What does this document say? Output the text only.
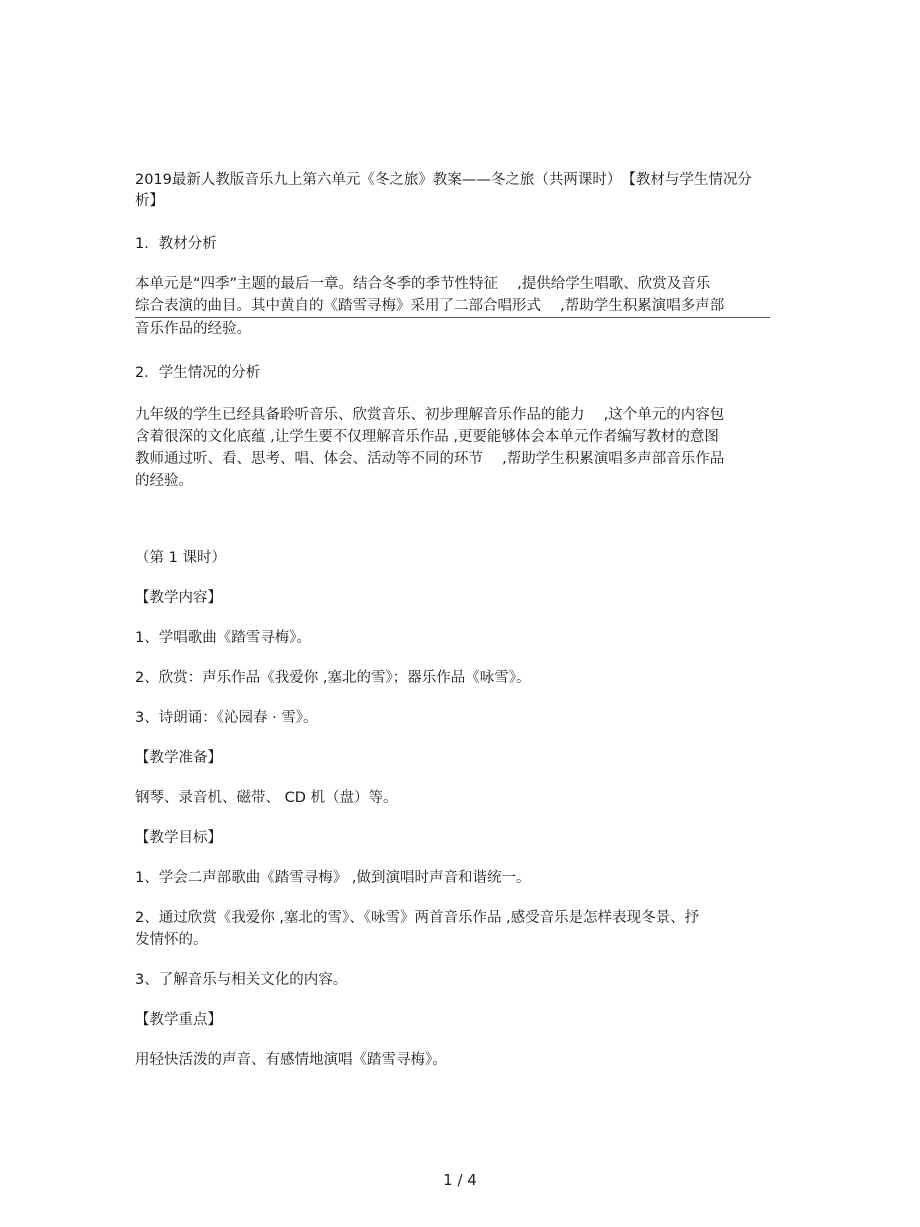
2019最新人教版音乐九上第六单元《冬之旅》教案——冬之旅（共两课时）　【教材与学生情况分析】

1．教材分析

本单元是“四季”主题的最后一章。结合冬季的季节性特征　 ,提供给学生唱歌、欣赏及音乐
综合表演的曲目。其中黄自的《踏雪寻梅》采用了二部合唱形式　 ,帮助学生积累演唱多声部
音乐作品的经验。

2．学生情况的分析

九年级的学生已经具备聆听音乐、欣赏音乐、初步理解音乐作品的能力　 ,这个单元的内容包
含着很深的文化底蕴 ,让学生要不仅理解音乐作品 ,更要能够体会本单元作者编写教材的意图
教师通过听、看、思考、唱、体会、活动等不同的环节　 ,帮助学生积累演唱多声部音乐作品
的经验。

（第 1 课时）

【教学内容】

1、学唱歌曲《踏雪寻梅》。

2、欣赏：声乐作品《我爱你 ,塞北的雪》；器乐作品《咏雪》。

3、诗朗诵：《沁园春 · 雪》。

【教学准备】

钢琴、录音机、磁带、 CD 机（盘）等。

【教学目标】

1、学会二声部歌曲《踏雪寻梅》 ,做到演唱时声音和谐统一。

2、通过欣赏《我爱你 ,塞北的雪》、《咏雪》两首音乐作品 ,感受音乐是怎样表现冬景、抒
发情怀的。

3、了解音乐与相关文化的内容。

【教学重点】

用轻快活泼的声音、有感情地演唱《踏雪寻梅》。

1 / 4
